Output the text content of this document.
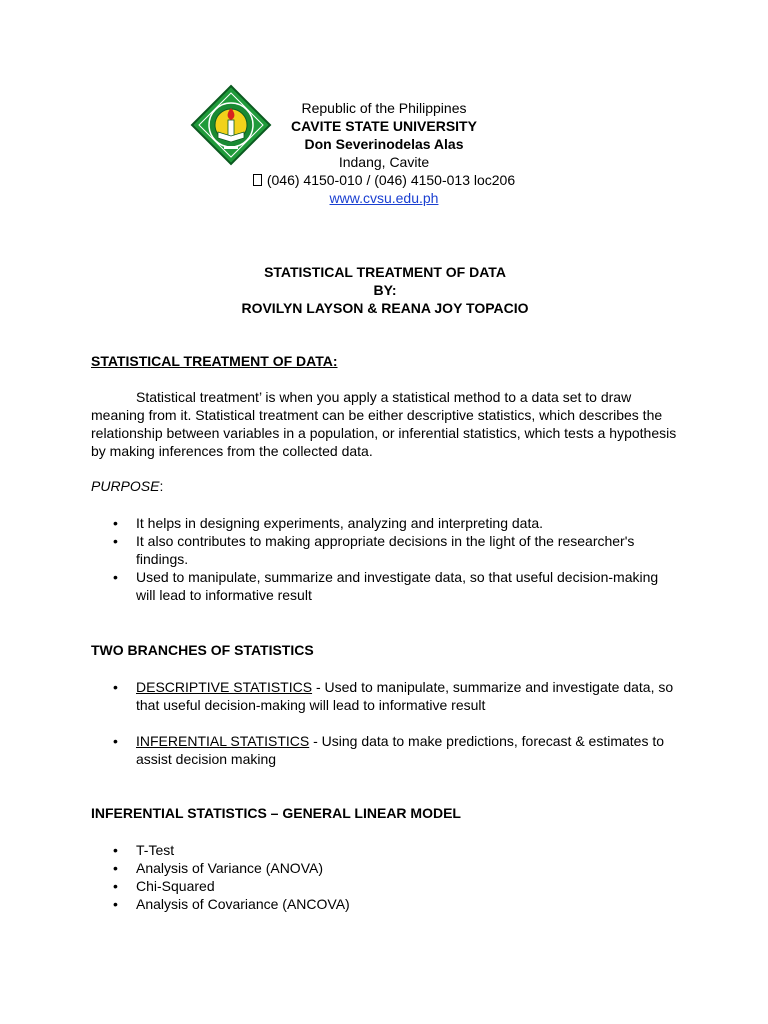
Republic of the Philippines
CAVITE STATE UNIVERSITY
Don Severinodelas Alas
Indang, Cavite
(046) 4150-010 / (046) 4150-013 loc206
www.cvsu.edu.ph
STATISTICAL TREATMENT OF DATA
BY:
ROVILYN LAYSON & REANA JOY TOPACIO
STATISTICAL TREATMENT OF DATA:
Statistical treatment’ is when you apply a statistical method to a data set to draw meaning from it. Statistical treatment can be either descriptive statistics, which describes the relationship between variables in a population, or inferential statistics, which tests a hypothesis by making inferences from the collected data.
PURPOSE:
• It helps in designing experiments, analyzing and interpreting data.
• It also contributes to making appropriate decisions in the light of the researcher's findings.
• Used to manipulate, summarize and investigate data, so that useful decision-making will lead to informative result
TWO BRANCHES OF STATISTICS
• DESCRIPTIVE STATISTICS - Used to manipulate, summarize and investigate data, so that useful decision-making will lead to informative result
• INFERENTIAL STATISTICS - Using data to make predictions, forecast & estimates to assist decision making
INFERENTIAL STATISTICS – GENERAL LINEAR MODEL
• T-Test
• Analysis of Variance (ANOVA)
• Chi-Squared
• Analysis of Covariance (ANCOVA)
